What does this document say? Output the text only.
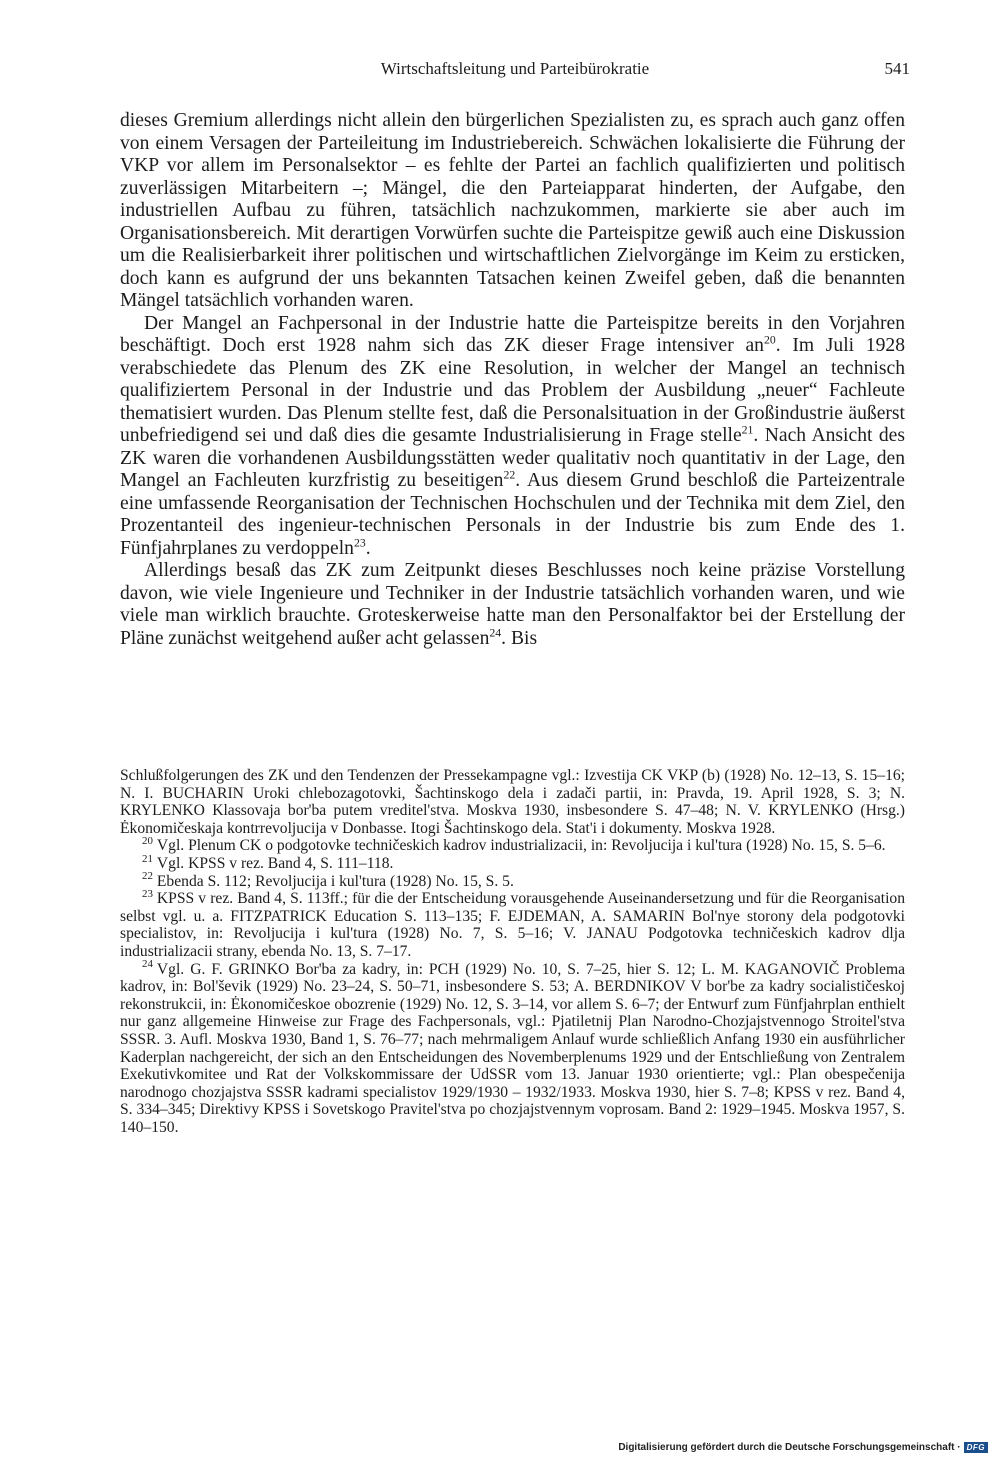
Wirtschaftsleitung und Parteibürokratie	541

dieses Gremium allerdings nicht allein den bürgerlichen Spezialisten zu, es sprach auch ganz offen von einem Versagen der Parteileitung im Industriebereich. Schwächen lokalisierte die Führung der VKP vor allem im Personalsektor – es fehlte der Partei an fachlich qualifizierten und politisch zuverlässigen Mitarbeitern –; Mängel, die den Parteiapparat hinderten, der Aufgabe, den industriellen Aufbau zu führen, tatsächlich nachzukommen, markierte sie aber auch im Organisationsbereich. Mit derartigen Vorwürfen suchte die Parteispitze gewiß auch eine Diskussion um die Realisierbarkeit ihrer politischen und wirtschaftlichen Zielvorgänge im Keim zu ersticken, doch kann es aufgrund der uns bekannten Tatsachen keinen Zweifel geben, daß die benannten Mängel tatsächlich vorhanden waren.

Der Mangel an Fachpersonal in der Industrie hatte die Parteispitze bereits in den Vorjahren beschäftigt. Doch erst 1928 nahm sich das ZK dieser Frage intensiver $an^{20}$. Im Juli 1928 verabschiedete das Plenum des ZK eine Resolution, in welcher der Mangel an technisch qualifiziertem Personal in der Industrie und das Problem der Ausbildung „neuer“ Fachleute thematisiert wurden. Das Plenum stellte fest, daß die Personalsituation in der Großindustrie äußerst unbefriedigend sei und daß dies die gesamte Industrialisierung in Frage stelle$^{21}$. Nach Ansicht des ZK waren die vorhandenen Ausbildungsstätten weder qualitativ noch quantitativ in der Lage, den Mangel an Fachleuten kurzfristig zu beseitigen$^{22}$. Aus diesem Grund beschloß die Parteizentrale eine umfassende Reorganisation der Technischen Hochschulen und der Technika mit dem Ziel, den Prozentanteil des ingenieur-technischen Personals in der Industrie bis zum Ende des 1. Fünfjahrplanes zu verdoppeln$^{23}$.

Allerdings besaß das ZK zum Zeitpunkt dieses Beschlusses noch keine präzise Vorstellung davon, wie viele Ingenieure und Techniker in der Industrie tatsächlich vorhanden waren, und wie viele man wirklich brauchte. Groteskerweise hatte man den Personalfaktor bei der Erstellung der Pläne zunächst weitgehend außer acht gelassen$^{24}$. Bis

Schlußfolgerungen des ZK und den Tendenzen der Pressekampagne vgl.: Izvestija CK VKP (b) (1928) No. 12–13, S. 15–16; N. I. BUCHARIN Uroki chlebozagotovki, Šachtinskogo dela i zadači partii, in: Pravda, 19. April 1928, S. 3; N. KRYLENKO Klassovaja bor'ba putem vreditel'stva. Moskva 1930, insbesondere S. 47–48; N. V. KRYLENKO (Hrsg.) Ėkonomičeskaja kontrrevoljucija v Donbasse. Itogi Šachtinskogo dela. Stat'i i dokumenty. Moskva 1928.

$^{20}$ Vgl. Plenum CK o podgotovke techničeskich kadrov industrializacii, in: Revoljucija i kul'tura (1928) No. 15, S. 5–6.

$^{21}$ Vgl. KPSS v rez. Band 4, S. 111–118.

$^{22}$ Ebenda S. 112; Revoljucija i kul'tura (1928) No. 15, S. 5.

$^{23}$ KPSS v rez. Band 4, S. 113ff.; für die der Entscheidung vorausgehende Auseinandersetzung und für die Reorganisation selbst vgl. u. a. FITZPATRICK Education S. 113–135; F. EJDEMAN, A. SAMARIN Bol'nye storony dela podgotovki specialistov, in: Revoljucija i kul'tura (1928) No. 7, S. 5–16; V. JANAU Podgotovka techničeskich kadrov dlja industrializacii strany, ebenda No. 13, S. 7–17.

$^{24}$ Vgl. G. F. GRINKO Bor'ba za kadry, in: PCH (1929) No. 10, S. 7–25, hier S. 12; L. M. KAGANOVIČ Problema kadrov, in: Bol'ševik (1929) No. 23–24, S. 50–71, insbesondere S. 53; A. BERDNIKOV V bor'be za kadry socialističeskoj rekonstrukcii, in: Ėkonomičeskoe obozrenie (1929) No. 12, S. 3–14, vor allem S. 6–7; der Entwurf zum Fünfjahrplan enthielt nur ganz allgemeine Hinweise zur Frage des Fachpersonals, vgl.: Pjatiletnij Plan Narodno-Chozjajstvennogo Stroitel'stva SSSR. 3. Aufl. Moskva 1930, Band 1, S. 76–77; nach mehrmaligem Anlauf wurde schließlich Anfang 1930 ein ausführlicher Kaderplan nachgereicht, der sich an den Entscheidungen des Novemberplenums 1929 und der Entschließung von Zentralem Exekutivkomitee und Rat der Volkskommissare der UdSSR vom 13. Januar 1930 orientierte; vgl.: Plan obespečenija narodnogo chozjajstva SSSR kadrami specialistov 1929/1930 – 1932/1933. Moskva 1930, hier S. 7–8; KPSS v rez. Band 4, S. 334–345; Direktivy KPSS i Sovetskogo Pravitel'stva po chozjajstvennym voprosam. Band 2: 1929–1945. Moskva 1957, S. 140–150.

Digitalisierung gefördert durch die Deutsche Forschungsgemeinschaft · DFG
